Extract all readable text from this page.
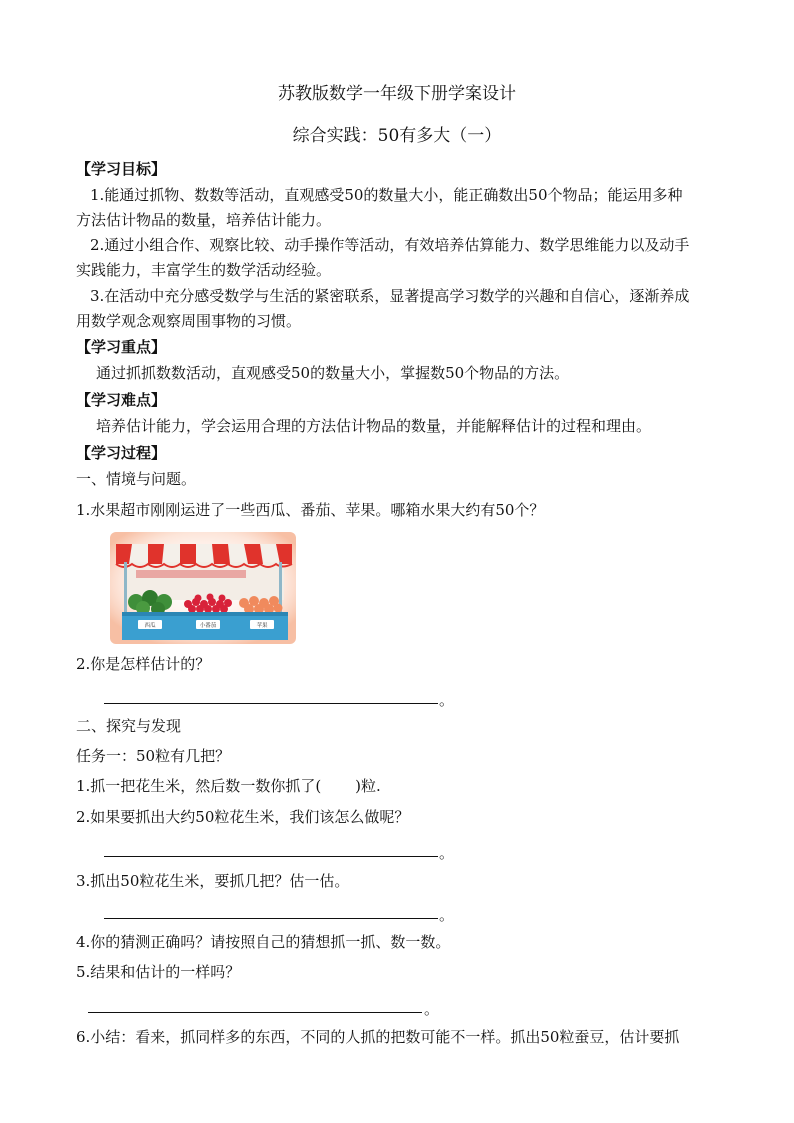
苏教版数学一年级下册学案设计
综合实践：50有多大（一）
【学习目标】
1.能通过抓物、数数等活动，直观感受50的数量大小，能正确数出50个物品；能运用多种
方法估计物品的数量，培养估计能力。
2.通过小组合作、观察比较、动手操作等活动，有效培养估算能力、数学思维能力以及动手
实践能力，丰富学生的数学活动经验。
3.在活动中充分感受数学与生活的紧密联系，显著提高学习数学的兴趣和自信心，逐渐养成
用数学观念观察周围事物的习惯。
【学习重点】
通过抓抓数数活动，直观感受50的数量大小，掌握数50个物品的方法。
【学习难点】
培养估计能力，学会运用合理的方法估计物品的数量，并能解释估计的过程和理由。
【学习过程】
一、情境与问题。
1.水果超市刚刚运进了一些西瓜、番茄、苹果。哪箱水果大约有50个？
西瓜	小番茄	苹果
2.你是怎样估计的？
。
二、探究与发现
任务一：50粒有几把？
1.抓一把花生米，然后数一数你抓了( )粒.
2.如果要抓出大约50粒花生米，我们该怎么做呢？
。
3.抓出50粒花生米，要抓几把？估一估。
。
4.你的猜测正确吗？请按照自己的猜想抓一抓、数一数。
5.结果和估计的一样吗？
。
6.小结：看来，抓同样多的东西，不同的人抓的把数可能不一样。抓出50粒蚕豆，估计要抓
